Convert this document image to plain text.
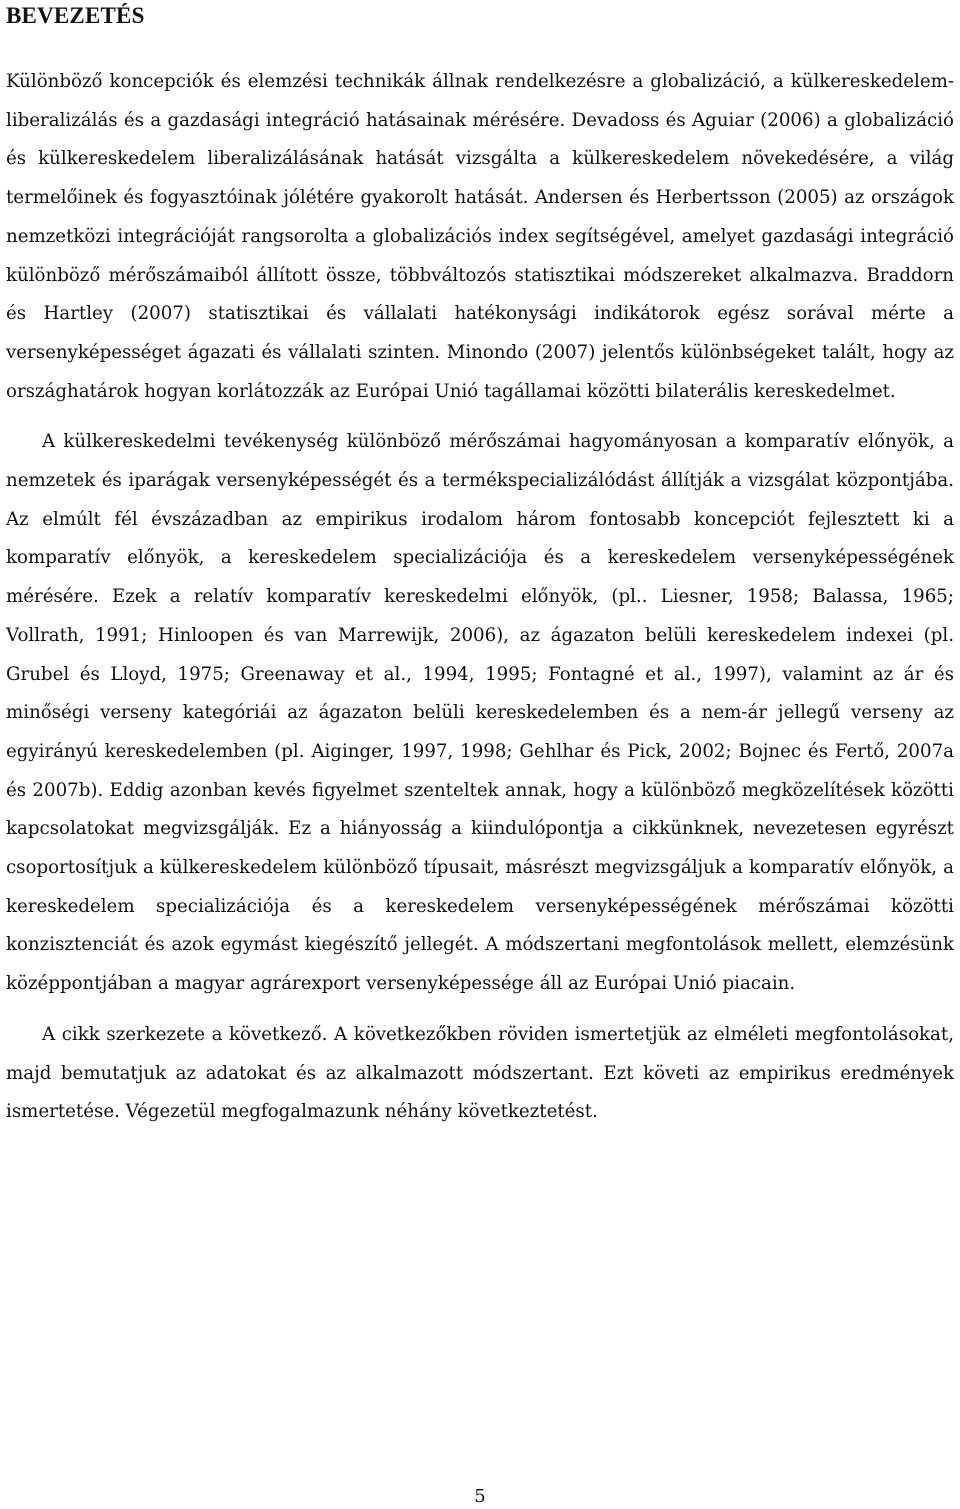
BEVEZETÉS

Különböző koncepciók és elemzési technikák állnak rendelkezésre a globalizáció, a külkereskedelem-liberalizálás és a gazdasági integráció hatásainak mérésére. Devadoss és Aguiar (2006) a globalizáció és külkereskedelem liberalizálásának hatását vizsgálta a külkereskedelem növekedésére, a világ termelőinek és fogyasztóinak jólétére gyakorolt hatását. Andersen és Herbertsson (2005) az országok nemzetközi integrációját rangsorolta a globalizációs index segítségével, amelyet gazdasági integráció különböző mérőszámaiból állított össze, többváltozós statisztikai módszereket alkalmazva. Braddorn és Hartley (2007) statisztikai és vállalati hatékonysági indikátorok egész sorával mérte a versenyképességet ágazati és vállalati szinten. Minondo (2007) jelentős különbségeket talált, hogy az országhatárok hogyan korlátozzák az Európai Unió tagállamai közötti bilaterális kereskedelmet.

A külkereskedelmi tevékenység különböző mérőszámai hagyományosan a komparatív előnyök, a nemzetek és iparágak versenyképességét és a termékspecializálódást állítják a vizsgálat központjába. Az elmúlt fél évszázadban az empirikus irodalom három fontosabb koncepciót fejlesztett ki a komparatív előnyök, a kereskedelem specializációja és a kereskedelem versenyképességének mérésére. Ezek a relatív komparatív kereskedelmi előnyök, (pl.. Liesner, 1958; Balassa, 1965; Vollrath, 1991; Hinloopen és van Marrewijk, 2006), az ágazaton belüli kereskedelem indexei (pl. Grubel és Lloyd, 1975; Greenaway et al., 1994, 1995; Fontagné et al., 1997), valamint az ár és minőségi verseny kategóriái az ágazaton belüli kereskedelemben és a nem-ár jellegű verseny az egyirányú kereskedelemben (pl. Aiginger, 1997, 1998; Gehlhar és Pick, 2002; Bojnec és Fertő, 2007a és 2007b). Eddig azonban kevés figyelmet szenteltek annak, hogy a különböző megközelítések közötti kapcsolatokat megvizsgálják. Ez a hiányosság a kiindulópontja a cikkünknek, nevezetesen egyrészt csoportosítjuk a külkereskedelem különböző típusait, másrészt megvizsgáljuk a komparatív előnyök, a kereskedelem specializációja és a kereskedelem versenyképességének mérőszámai közötti konzisztenciát és azok egymást kiegészítő jellegét. A módszertani megfontolások mellett, elemzésünk középpontjában a magyar agrárexport versenyképessége áll az Európai Unió piacain.

A cikk szerkezete a következő. A következőkben röviden ismertetjük az elméleti megfontolásokat, majd bemutatjuk az adatokat és az alkalmazott módszertant. Ezt követi az empirikus eredmények ismertetése. Végezetül megfogalmazunk néhány következtetést.

5
